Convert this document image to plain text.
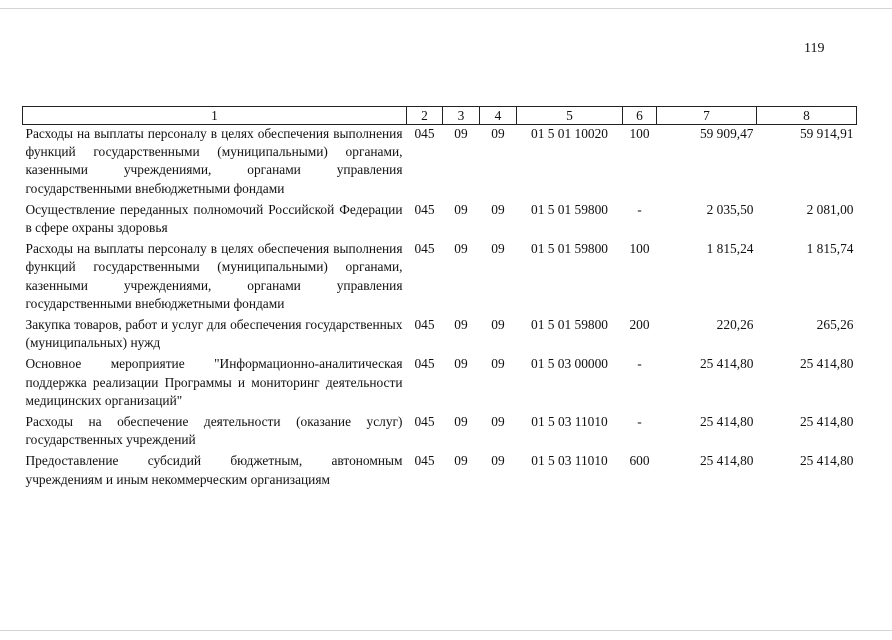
119
1	2	3	4	5	6	7	8
Расходы на выплаты персоналу в целях обеспечения выполнения функций государственными (муниципальными) органами, казенными учреждениями, органами управления государственными внебюджетными фондами	045	09	09	01 5 01 10020	100	59 909,47	59 914,91
Осуществление переданных полномочий Российской Федерации в сфере охраны здоровья	045	09	09	01 5 01 59800	-	2 035,50	2 081,00
Расходы на выплаты персоналу в целях обеспечения выполнения функций государственными (муниципальными) органами, казенными учреждениями, органами управления государственными внебюджетными фондами	045	09	09	01 5 01 59800	100	1 815,24	1 815,74
Закупка товаров, работ и услуг для обеспечения государственных (муниципальных) нужд	045	09	09	01 5 01 59800	200	220,26	265,26
Основное мероприятие "Информационно-аналитическая поддержка реализации Программы и мониторинг деятельности медицинских организаций"	045	09	09	01 5 03 00000	-	25 414,80	25 414,80
Расходы на обеспечение деятельности (оказание услуг) государственных учреждений	045	09	09	01 5 03 11010	-	25 414,80	25 414,80
Предоставление субсидий бюджетным, автономным учреждениям и иным некоммерческим организациям	045	09	09	01 5 03 11010	600	25 414,80	25 414,80
